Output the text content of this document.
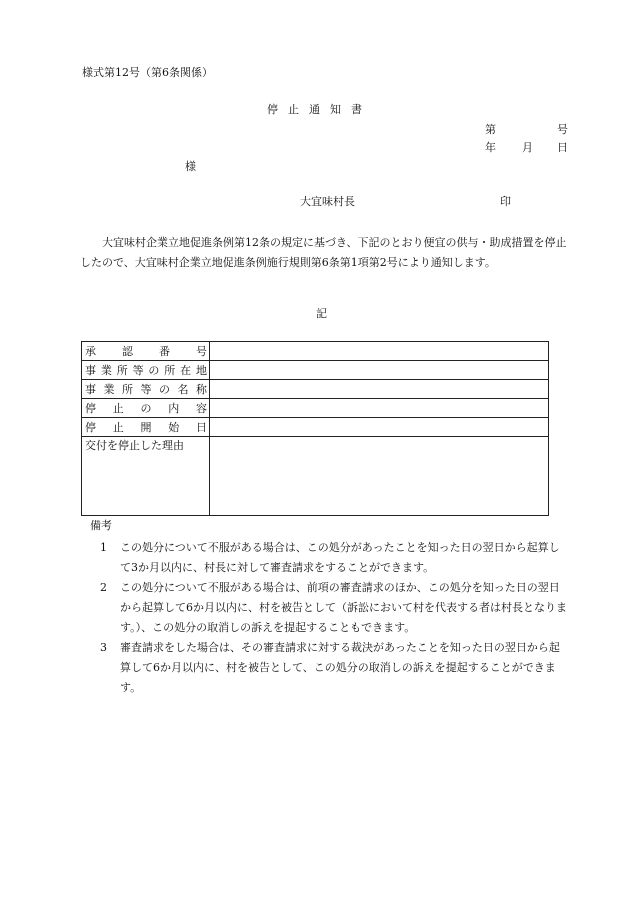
様式第12号（第6条関係）
停止通知書
第	号
年 月 日
様
大宜味村長	印

大宜味村企業立地促進条例第12条の規定に基づき、下記のとおり便宜の供与・助成措置を停止したので、大宜味村企業立地促進条例施行規則第6条第1項第2号により通知します。

記
承認番号	

事業所等の所在地	

事業所等の名称	

停止の内容	

停止開始日	

交付を停止した理由	

備考
1 この処分について不服がある場合は、この処分があったことを知った日の翌日から起算して3か月以内に、村長に対して審査請求をすることができます。
2 この処分について不服がある場合は、前項の審査請求のほか、この処分を知った日の翌日から起算して6か月以内に、村を被告として（訴訟において村を代表する者は村長となります。）、この処分の取消しの訴えを提起することもできます。
3 審査請求をした場合は、その審査請求に対する裁決があったことを知った日の翌日から起算して6か月以内に、村を被告として、この処分の取消しの訴えを提起することができます。
